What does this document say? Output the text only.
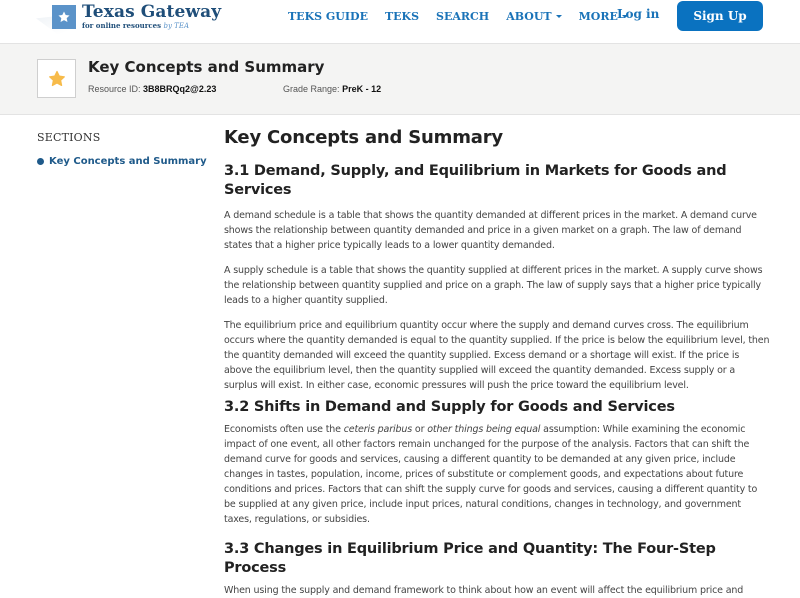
Texas Gateway
for online resources by TEA
TEKS GUIDE TEKS SEARCH ABOUT MORE Log in	Sign Up
Key Concepts and Summary
Resource ID: 3B8BRQq2@2.23	Grade Range: PreK - 12
SECTIONS
Key Concepts and Summary
Key Concepts and Summary
3.1 Demand, Supply, and Equilibrium in Markets for Goods and Services

A demand schedule is a table that shows the quantity demanded at different prices in the market. A demand curve shows the relationship between quantity demanded and price in a given market on a graph. The law of demand states that a higher price typically leads to a lower quantity demanded.

A supply schedule is a table that shows the quantity supplied at different prices in the market. A supply curve shows the relationship between quantity supplied and price on a graph. The law of supply says that a higher price typically leads to a higher quantity supplied.

The equilibrium price and equilibrium quantity occur where the supply and demand curves cross. The equilibrium occurs where the quantity demanded is equal to the quantity supplied. If the price is below the equilibrium level, then the quantity demanded will exceed the quantity supplied. Excess demand or a shortage will exist. If the price is above the equilibrium level, then the quantity supplied will exceed the quantity demanded. Excess supply or a surplus will exist. In either case, economic pressures will push the price toward the equilibrium level.

3.2 Shifts in Demand and Supply for Goods and Services

Economists often use the ceteris paribus or other things being equal assumption: While examining the economic impact of one event, all other factors remain unchanged for the purpose of the analysis. Factors that can shift the demand curve for goods and services, causing a different quantity to be demanded at any given price, include changes in tastes, population, income, prices of substitute or complement goods, and expectations about future conditions and prices. Factors that can shift the supply curve for goods and services, causing a different quantity to be supplied at any given price, include input prices, natural conditions, changes in technology, and government taxes, regulations, or subsidies.

3.3 Changes in Equilibrium Price and Quantity: The Four-Step Process

When using the supply and demand framework to think about how an event will affect the equilibrium price and
